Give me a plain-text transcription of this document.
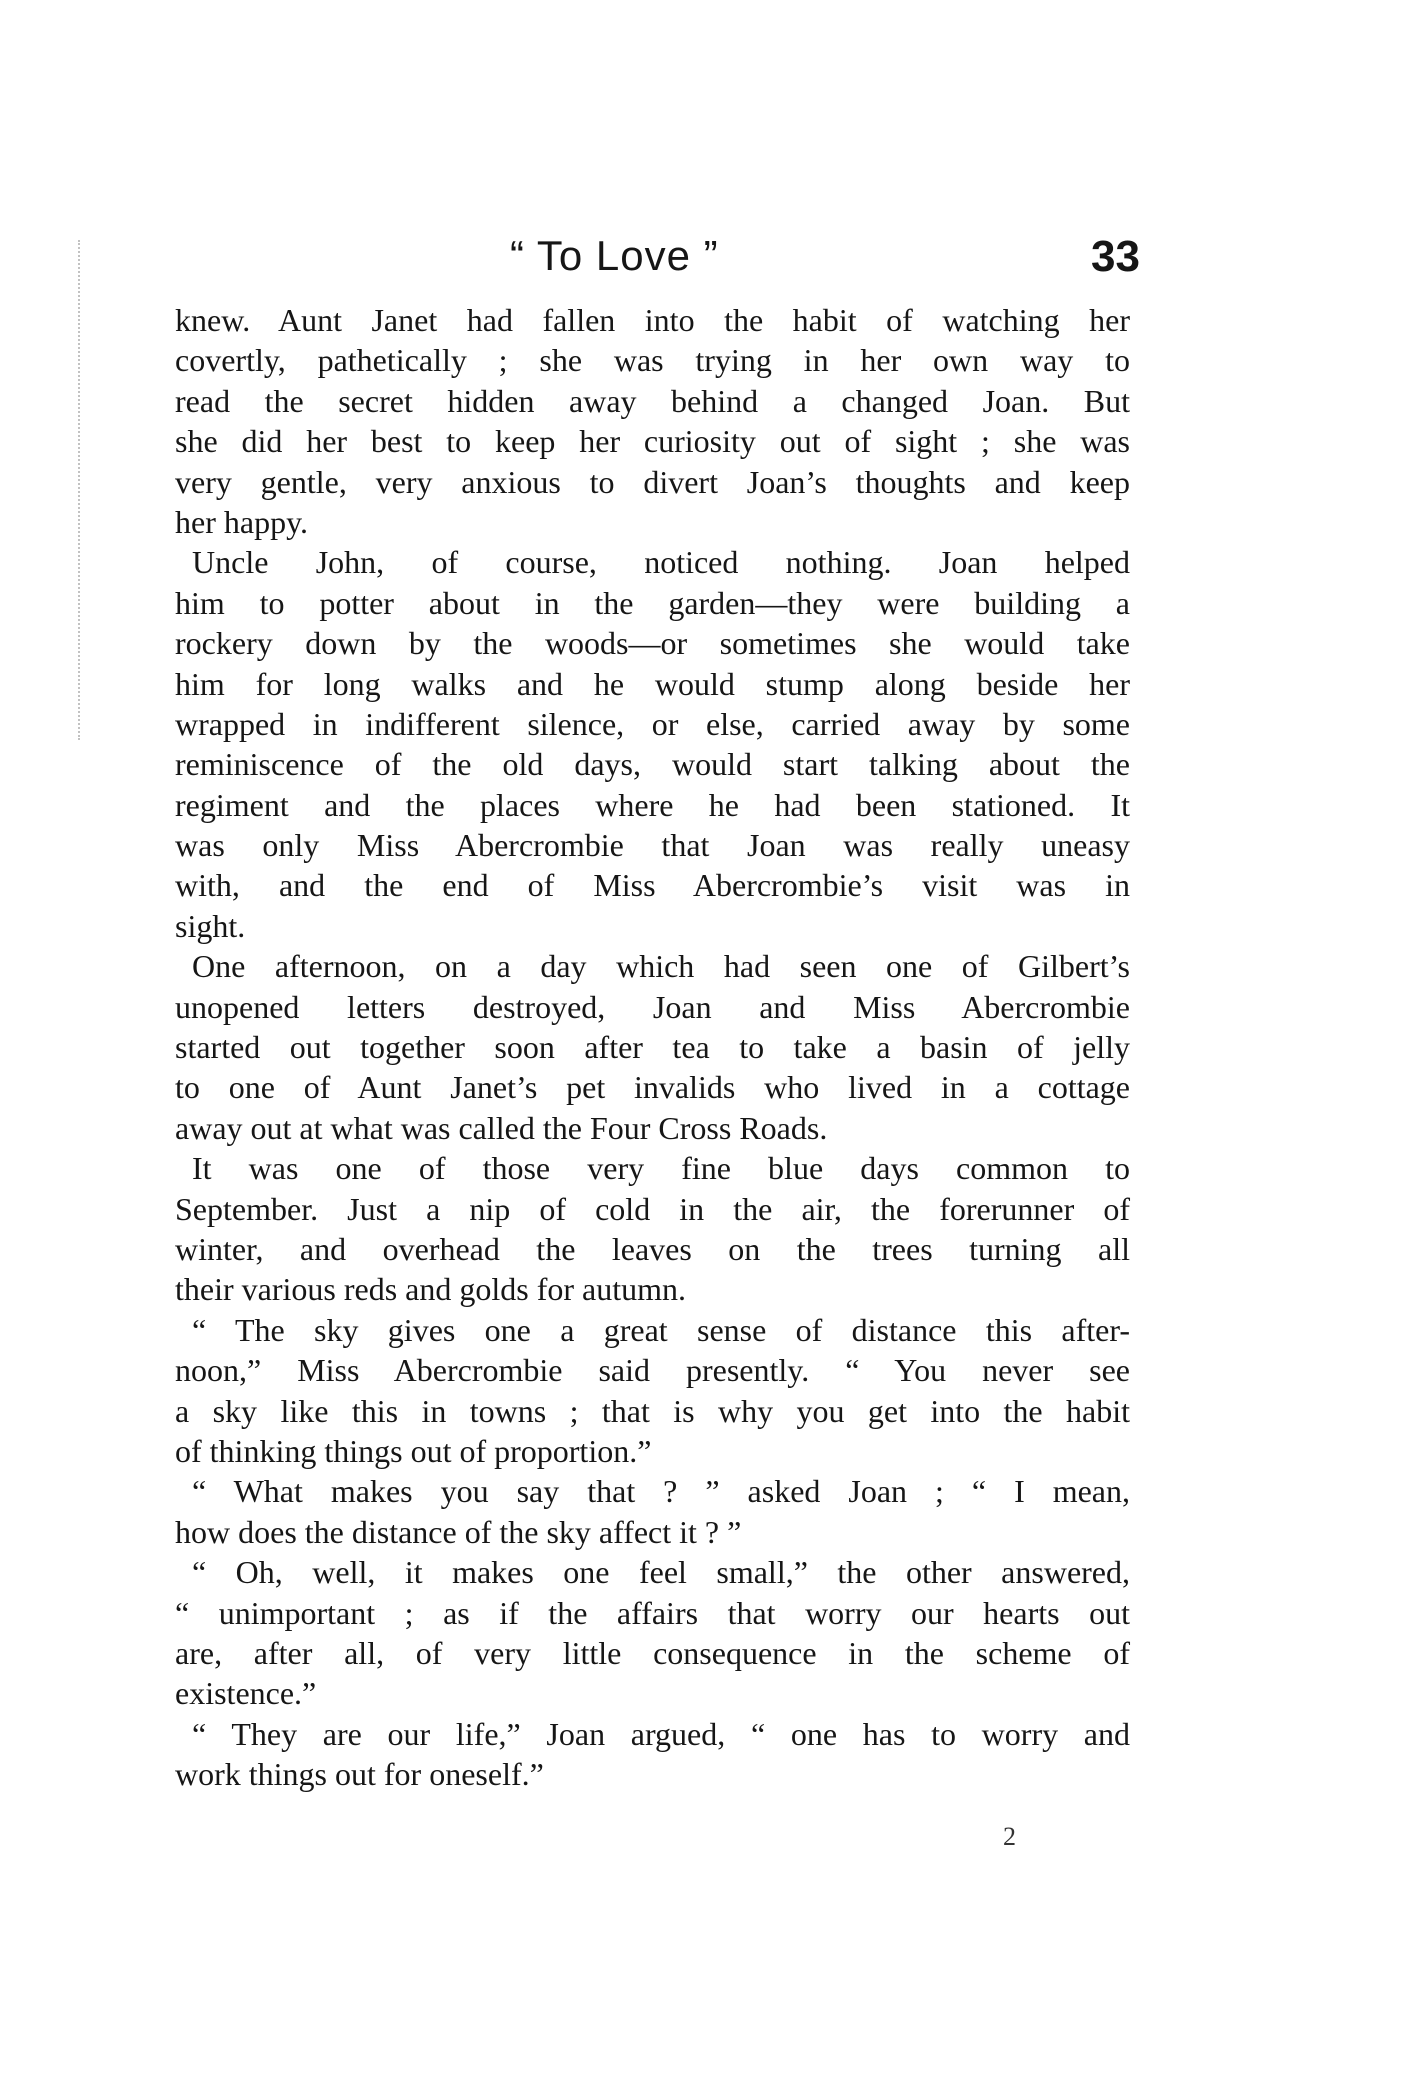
“ To Love ”	33
knew. Aunt Janet had fallen into the habit of watching her
covertly, pathetically ; she was trying in her own way to
read the secret hidden away behind a changed Joan. But
she did her best to keep her curiosity out of sight ; she was
very gentle, very anxious to divert Joan’s thoughts and keep
her happy.
Uncle John, of course, noticed nothing. Joan helped
him to potter about in the garden—they were building a
rockery down by the woods—or sometimes she would take
him for long walks and he would stump along beside her
wrapped in indifferent silence, or else, carried away by some
reminiscence of the old days, would start talking about the
regiment and the places where he had been stationed. It
was only Miss Abercrombie that Joan was really uneasy
with, and the end of Miss Abercrombie’s visit was in
sight.
One afternoon, on a day which had seen one of Gilbert’s
unopened letters destroyed, Joan and Miss Abercrombie
started out together soon after tea to take a basin of jelly
to one of Aunt Janet’s pet invalids who lived in a cottage
away out at what was called the Four Cross Roads.
It was one of those very fine blue days common to
September. Just a nip of cold in the air, the forerunner of
winter, and overhead the leaves on the trees turning all
their various reds and golds for autumn.
“ The sky gives one a great sense of distance this after-
noon,” Miss Abercrombie said presently. “ You never see
a sky like this in towns ; that is why you get into the habit
of thinking things out of proportion.”
“ What makes you say that ? ” asked Joan ; “ I mean,
how does the distance of the sky affect it ? ”
“ Oh, well, it makes one feel small,” the other answered,
“ unimportant ; as if the affairs that worry our hearts out
are, after all, of very little consequence in the scheme of
existence.”
“ They are our life,” Joan argued, “ one has to worry and
work things out for oneself.”
2
